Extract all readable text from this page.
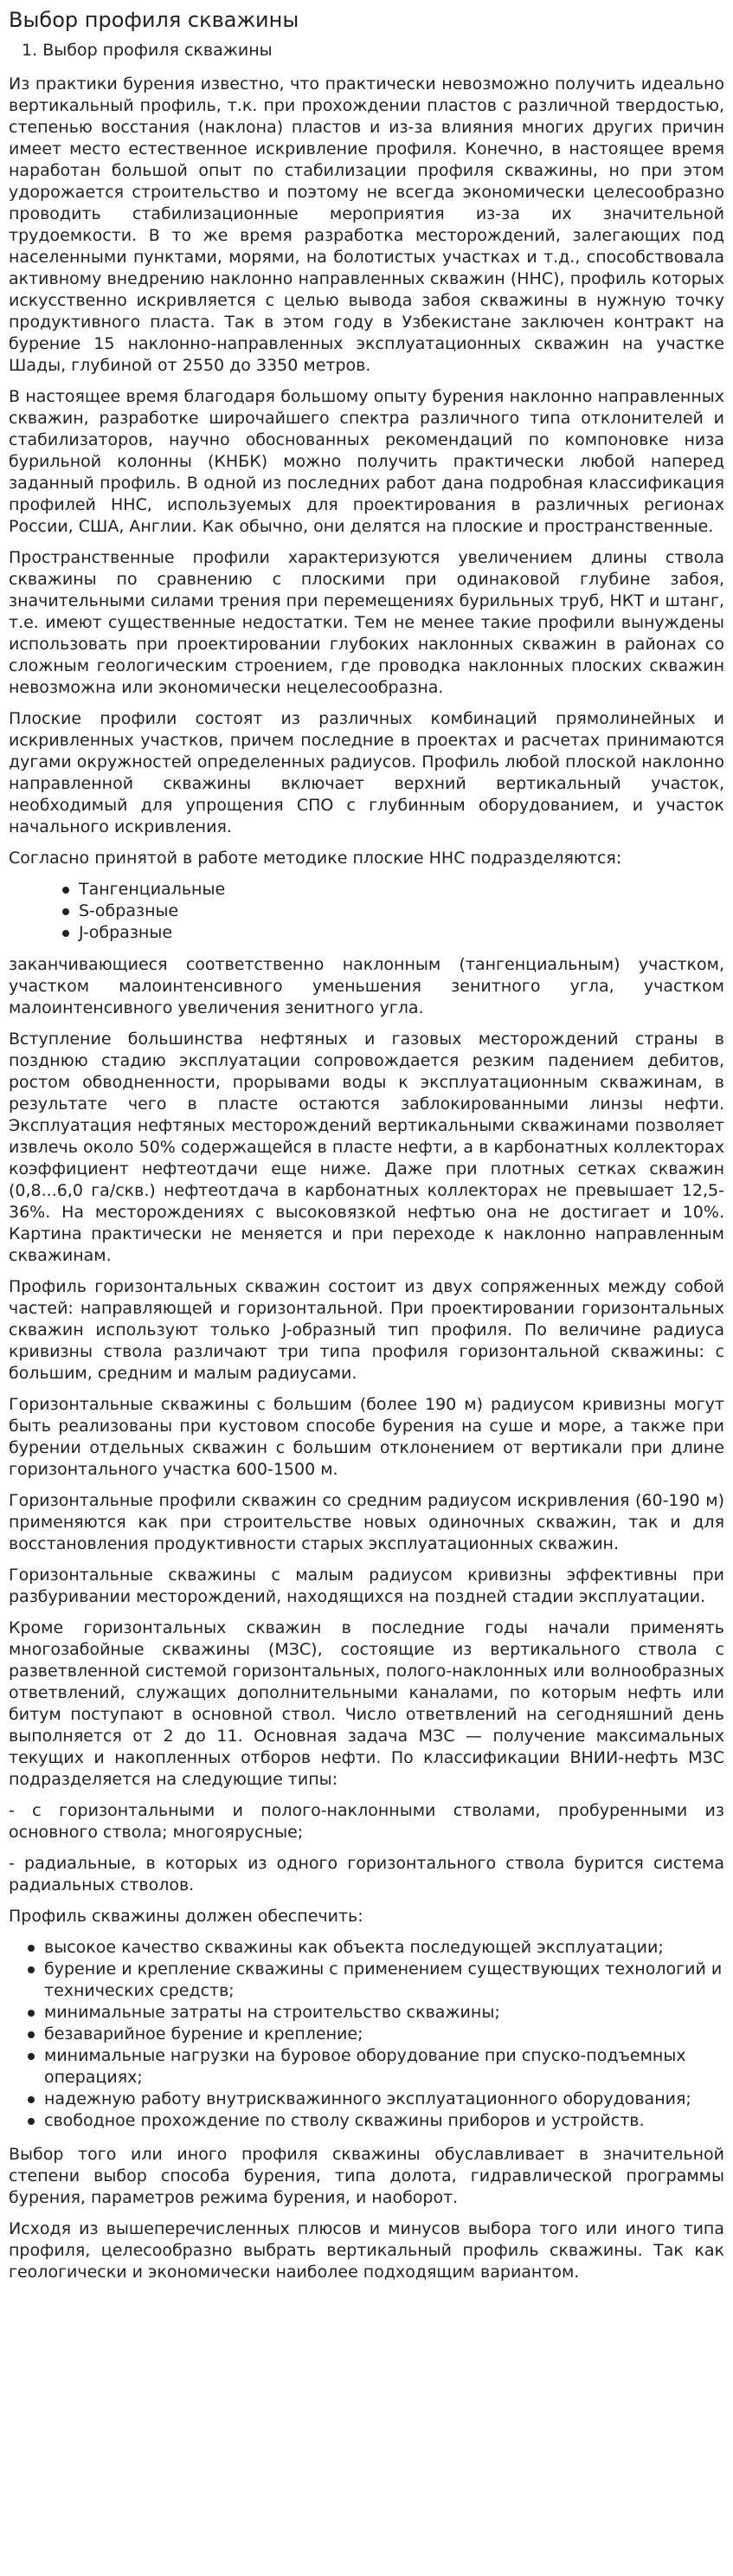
Выбор профиля скважины
1. Выбор профиля скважины

Из практики бурения известно, что практически невозможно получить идеально вертикальный профиль, т.к. при прохождении пластов с различной твердостью, степенью восстания (наклона) пластов и из-за влияния многих других причин имеет место естественное искривление профиля. Конечно, в настоящее время наработан большой опыт по стабилизации профиля скважины, но при этом удорожается строительство и поэтому не всегда экономически целесообразно проводить стабилизационные мероприятия из-за их значительной трудоемкости. В то же время разработка месторождений, залегающих под населенными пунктами, морями, на болотистых участках и т.д., способствовала активному внедрению наклонно направленных скважин (ННС), профиль которых искусственно искривляется с целью вывода забоя скважины в нужную точку продуктивного пласта. Так в этом году в Узбекистане заключен контракт на бурение 15 наклонно-направленных эксплуатационных скважин на участке Шады, глубиной от 2550 до 3350 метров.

В настоящее время благодаря большому опыту бурения наклонно направленных скважин, разработке широчайшего спектра различного типа отклонителей и стабилизаторов, научно обоснованных рекомендаций по компоновке низа бурильной колонны (КНБК) можно получить практически любой наперед заданный профиль. В одной из последних работ дана подробная классификация профилей ННС, используемых для проектирования в различных регионах России, США, Англии. Как обычно, они делятся на плоские и пространственные.

Пространственные профили характеризуются увеличением длины ствола скважины по сравнению с плоскими при одинаковой глубине забоя, значительными силами трения при перемещениях бурильных труб, НКТ и штанг, т.е. имеют существенные недостатки. Тем не менее такие профили вынуждены использовать при проектировании глубоких наклонных скважин в районах со сложным геологическим строением, где проводка наклонных плоских скважин невозможна или экономически нецелесообразна.

Плоские профили состоят из различных комбинаций прямолинейных и искривленных участков, причем последние в проектах и расчетах принимаются дугами окружностей определенных радиусов. Профиль любой плоской наклонно направленной скважины включает верхний вертикальный участок, необходимый для упрощения СПО с глубинным оборудованием, и участок начального искривления.

Согласно принятой в работе методике плоские ННС подразделяются:

Тангенциальные
S-образные
J-образные

заканчивающиеся соответственно наклонным (тангенциальным) участком, участком малоинтенсивного уменьшения зенитного угла, участком малоинтенсивного увеличения зенитного угла.

Вступление большинства нефтяных и газовых месторождений страны в позднюю стадию эксплуатации сопровождается резким падением дебитов, ростом обводненности, прорывами воды к эксплуатационным скважинам, в результате чего в пласте остаются заблокированными линзы нефти. Эксплуатация нефтяных месторождений вертикальными скважинами позволяет извлечь около 50% содержащейся в пласте нефти, а в карбонатных коллекторах коэффициент нефтеотдачи еще ниже. Даже при плотных сетках скважин (0,8...6,0 га/скв.) нефтеотдача в карбонатных коллекторах не превышает 12,5-36%. На месторождениях с высоковязкой нефтью она не достигает и 10%. Картина практически не меняется и при переходе к наклонно направленным скважинам.

Профиль горизонтальных скважин состоит из двух сопряженных между собой частей: направляющей и горизонтальной. При проектировании горизонтальных скважин используют только J-образный тип профиля. По величине радиуса кривизны ствола различают три типа профиля горизонтальной скважины: с большим, средним и малым радиусами.

Горизонтальные скважины с большим (более 190 м) радиусом кривизны могут быть реализованы при кустовом способе бурения на суше и море, а также при бурении отдельных скважин с большим отклонением от вертикали при длине горизонтального участка 600-1500 м.

Горизонтальные профили скважин со средним радиусом искривления (60-190 м) применяются как при строительстве новых одиночных скважин, так и для восстановления продуктивности старых эксплуатационных скважин.

Горизонтальные скважины с малым радиусом кривизны эффективны при разбуривании месторождений, находящихся на поздней стадии эксплуатации.

Кроме горизонтальных скважин в последние годы начали применять многозабойные скважины (МЗС), состоящие из вертикального ствола с разветвленной системой горизонтальных, полого-наклонных или волнообразных ответвлений, служащих дополнительными каналами, по которым нефть или битум поступают в основной ствол. Число ответвлений на сегодняшний день выполняется от 2 до 11. Основная задача МЗС — получение максимальных текущих и накопленных отборов нефти. По классификации ВНИИ-нефть МЗС подразделяется на следующие типы:

- с горизонтальными и полого-наклонными стволами, пробуренными из основного ствола; многоярусные;

- радиальные, в которых из одного горизонтального ствола бурится система радиальных стволов.

Профиль скважины должен обеспечить:

высокое качество скважины как объекта последующей эксплуатации;
бурение и крепление скважины с применением существующих технологий и технических средств;
минимальные затраты на строительство скважины;
безаварийное бурение и крепление;
минимальные нагрузки на буровое оборудование при спуско-подъемных операциях;
надежную работу внутрискважинного эксплуатационного оборудования;
свободное прохождение по стволу скважины приборов и устройств.

Выбор того или иного профиля скважины обуславливает в значительной степени выбор способа бурения, типа долота, гидравлической программы бурения, параметров режима бурения, и наоборот.

Исходя из вышеперечисленных плюсов и минусов выбора того или иного типа профиля, целесообразно выбрать вертикальный профиль скважины. Так как геологически и экономически наиболее подходящим вариантом.
